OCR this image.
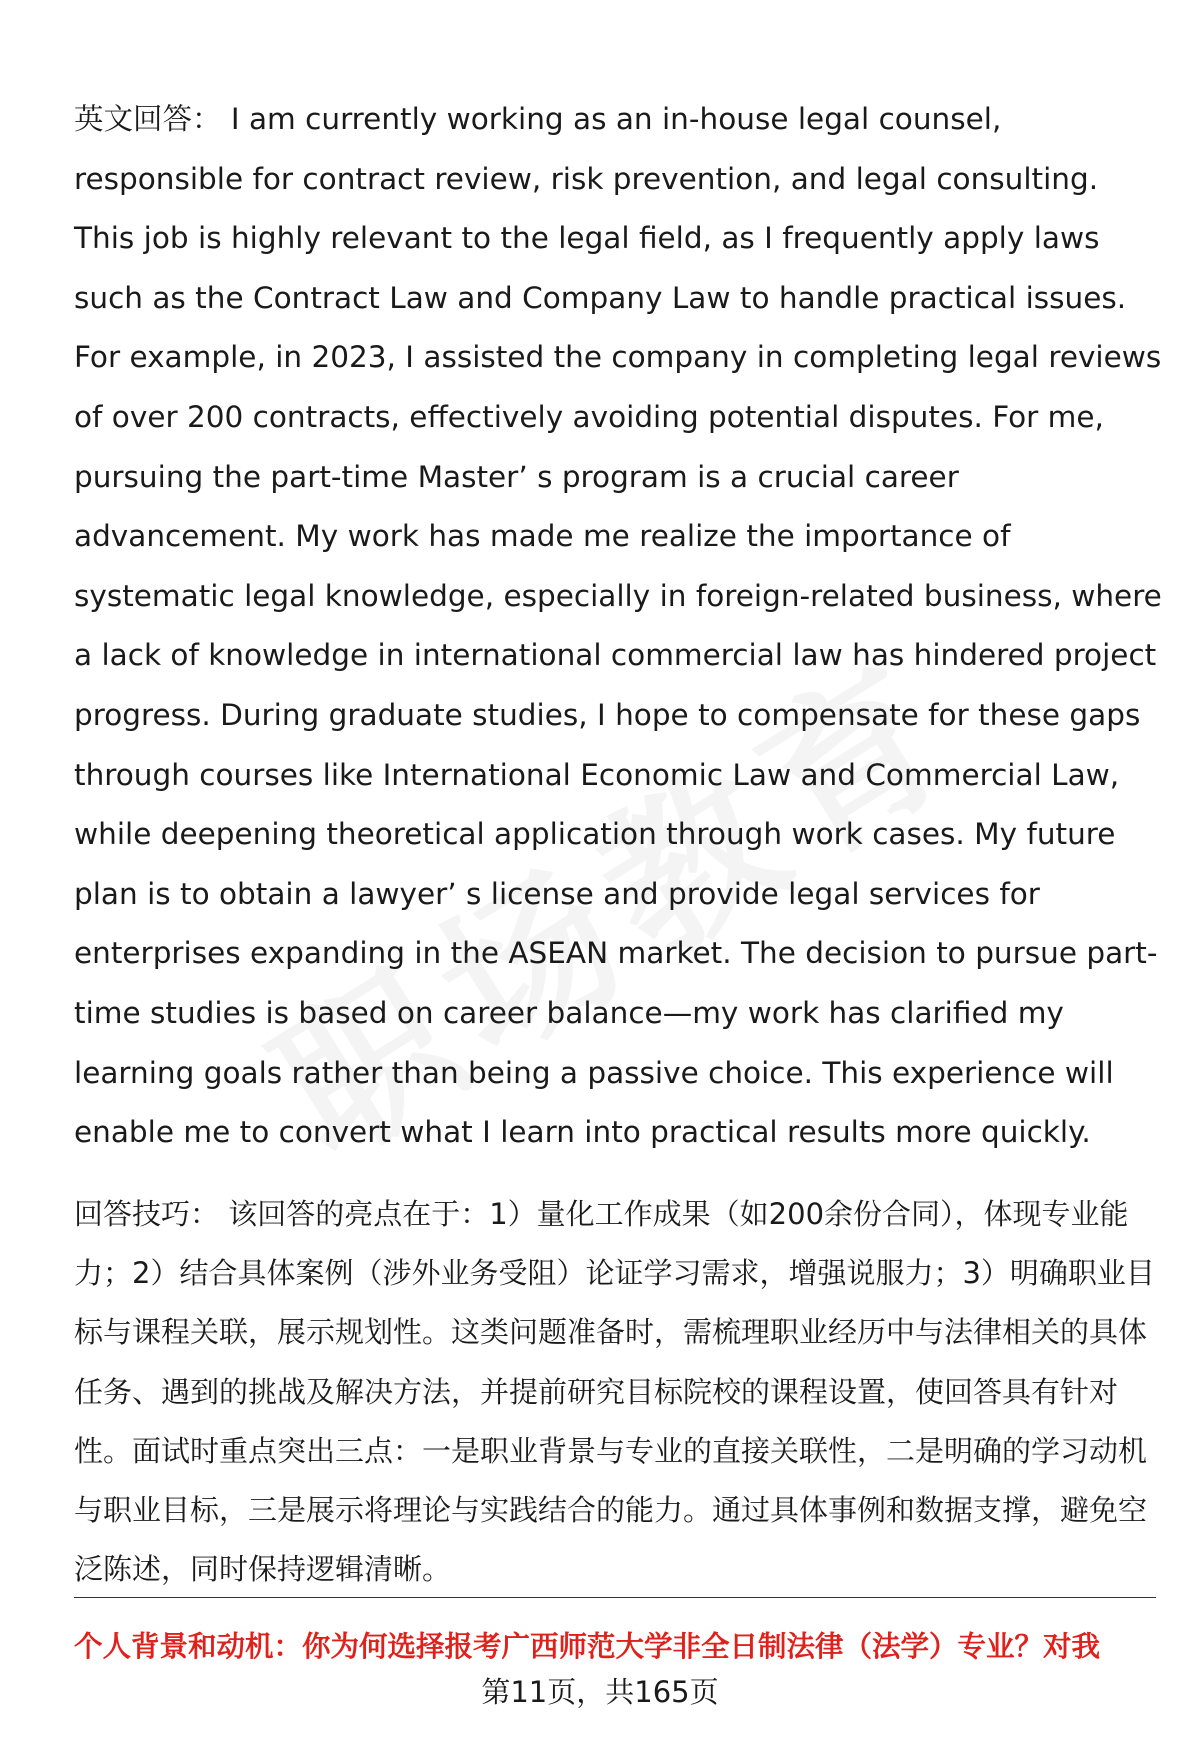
英文回答： I am currently working as an in-house legal counsel, responsible for contract review, risk prevention, and legal consulting. This job is highly relevant to the legal field, as I frequently apply laws such as the Contract Law and Company Law to handle practical issues. For example, in 2023, I assisted the company in completing legal reviews of over 200 contracts, effectively avoiding potential disputes. For me, pursuing the part-time Master’ s program is a crucial career advancement. My work has made me realize the importance of systematic legal knowledge, especially in foreign-related business, where a lack of knowledge in international commercial law has hindered project progress. During graduate studies, I hope to compensate for these gaps through courses like International Economic Law and Commercial Law, while deepening theoretical application through work cases. My future plan is to obtain a lawyer’ s license and provide legal services for enterprises expanding in the ASEAN market. The decision to pursue part-time studies is based on career balance—my work has clarified my learning goals rather than being a passive choice. This experience will enable me to convert what I learn into practical results more quickly.

回答技巧： 该回答的亮点在于：1）量化工作成果（如200余份合同），体现专业能力；2）结合具体案例（涉外业务受阻）论证学习需求，增强说服力；3）明确职业目标与课程关联，展示规划性。这类问题准备时，需梳理职业经历中与法律相关的具体任务、遇到的挑战及解决方法，并提前研究目标院校的课程设置，使回答具有针对性。面试时重点突出三点：一是职业背景与专业的直接关联性，二是明确的学习动机与职业目标，三是展示将理论与实践结合的能力。通过具体事例和数据支撑，避免空泛陈述，同时保持逻辑清晰。

个人背景和动机：你为何选择报考广西师范大学非全日制法律（法学）专业？对我
第11页，共165页
